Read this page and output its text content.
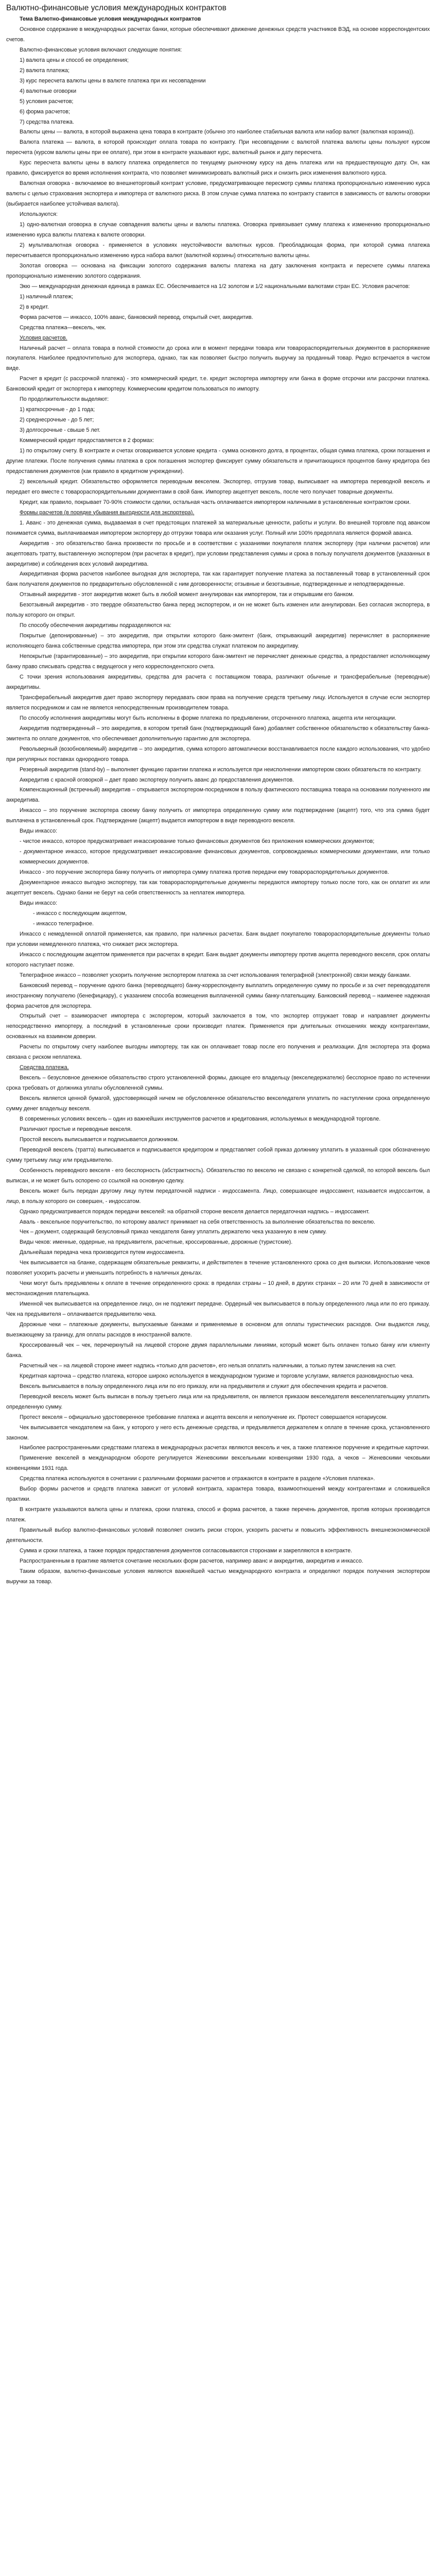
Валютно-финансовые условия международных контрактов

Тема Валютно-финансовые условия международных контрактов

Основное содержание в международных расчетах банки, которые обеспечивают движение денежных средств участников ВЭД, на основе корреспондентских счетов.

Валютно-финансовые условия включают следующие понятия:

1) валюта цены и способ ее определения;

2) валюта платежа;

3) курс пересчета валюты цены в валюте платежа при их несовпадении

4) валютные оговорки

5) условия расчетов;

6) форма расчетов;

7) средства платежа.

Валюты цены — валюта, в которой выражена цена товара в контракте (обычно это наиболее стабильная валюта или набор валют (валютная корзина)).

Валюта платежа — валюта, в которой происходит оплата товара по контракту. При несовпадении с валютой платежа валюты цены пользуют курсом пересчета (курсом валюты цены при ее оплате), при этом в контракте указывают курс, валютный рынок и дату пересчета.

Курс пересчета валюты цены в валюту платежа определяется по текущему рыночному курсу на день платежа или на предшествующую дату. Он, как правило, фиксируется во время исполнения контракта, что позволяет минимизировать валютный риск и снизить риск изменения валютного курса.

Валютная оговорка - включаемое во внешнеторговый контракт условие, предусматривающее пересмотр суммы платежа пропорционально изменению курса валюты с целью страхования экспортера и импортера от валютного риска. В этом случае сумма платежа по контракту ставится в зависимость от валюты оговорки (выбирается наиболее устойчивая валюта).

Используются:

1) одно-валютная оговорка в случае совпадения валюты цены и валюты платежа. Оговорка привязывает сумму платежа к изменению пропорционально изменению курса валюты платежа к валюте оговорки.

2) мультивалютная оговорка - применяется в условиях неустойчивости валютных курсов. Преобладающая форма, при которой сумма платежа пересчитывается пропорционально изменению курса набора валют (валютной корзины) относительно валюты цены.

Золотая оговорка — основана на фиксации золотого содержания валюты платежа на дату заключения контракта и пересчете суммы платежа пропорционально изменению золотого содержания.

Экю — международная денежная единица в рамках ЕС. Обеспечивается на 1/2 золотом и 1/2 национальными валютами стран ЕС. Условия расчетов:

1) наличный платеж;

2) в кредит.

Форма расчетов — инкассо, 100% аванс, банковский перевод, открытый счет, аккредитив.

Средства платежа—вексель, чек.

Условия расчетов.

Наличный расчет – оплата товара в полной стоимости до срока или в момент передачи товара или товарораспорядительных документов в распоряжение покупателя. Наиболее предпочтительно для экспортера, однако, так как позволяет быстро получить выручку за проданный товар. Редко встречается в чистом виде.

Расчет в кредит (с рассрочкой платежа) - это коммерческий кредит, т.е. кредит экспортера импортеру или банка в форме отсрочки или рассрочки платежа. Банковский кредит от экспортера к импортеру. Коммерческим кредитом пользоваться по импорту.

По продолжительности выделяют:

1) краткосрочные - до 1 года;

2) среднесрочные - до 5 лет;

3) долгосрочные - свыше 5 лет.

Коммерческий кредит предоставляется в 2 формах:

1) по открытому счету. В контракте и счетах оговаривается условие кредита - сумма основного долга, в процентах, общая сумма платежа, сроки погашения и другие платежи. После получения суммы платежа в срок погашения экспортер фиксирует сумму обязательств и причитающихся процентов банку кредитора без предоставления документов (как правило в кредитном учреждении).

2) вексельный кредит. Обязательство оформляется переводным векселем. Экспортер, отгрузив товар, выписывает на импортера переводной вексель и передает его вместе с товарораспорядительными документами в свой банк. Импортер акцептует вексель, после чего получает товарные документы.

Кредит, как правило, покрывает 70-90% стоимости сделки, остальная часть оплачивается импортером наличными в установленные контрактом сроки.

Формы расчетов (в порядке убывания выгодности для экспортера).

1. Аванс - это денежная сумма, выдаваемая в счет предстоящих платежей за материальные ценности, работы и услуги. Во внешней торговле под авансом понимается сумма, выплачиваемая импортером экспортеру до отгрузки товара или оказания услуг. Полный или 100% предоплата является формой аванса.

Аккредитив - это обязательство банка произвести по просьбе и в соответствии с указаниями покупателя платеж экспортеру (при наличии расчетов) или акцептовать тратту, выставленную экспортером (при расчетах в кредит), при условии представления суммы и срока в пользу получателя документов (указанных в аккредитиве) и соблюдения всех условий аккредитива.

Аккредитивная форма расчетов наиболее выгодная для экспортера, так как гарантирует получение платежа за поставленный товар в установленный срок банк получателя документов по предварительно обусловленной с ним договоренности; отзывные и безотзывные, подтвержденные и неподтвержденные.

Отзывный аккредитив - этот аккредитив может быть в любой момент аннулирован как импортером, так и открывшим его банком.

Безотзывный аккредитив - это твердое обязательство банка перед экспортером, и он не может быть изменен или аннулирован. Без согласия экспортера, в пользу которого он открыт.

По способу обеспечения аккредитивы подразделяются на:

Покрытые (депонированные) – это аккредитив, при открытии которого банк-эмитент (банк, открывающий аккредитив) перечисляет в распоряжение исполняющего банка собственные средства импортера, при этом эти средства служат платежом по аккредитиву.

Непокрытые (гарантированные) – это аккредитив, при открытии которого банк-эмитент не перечисляет денежные средства, а предоставляет исполняющему банку право списывать средства с ведущегося у него корреспондентского счета.

С точки зрения использования аккредитивы, средства для расчета с поставщиком товара, различают обычные и трансферабельные (переводные) аккредитивы.

Трансферабельный аккредитив дает право экспортеру передавать свои права на получение средств третьему лицу. Используется в случае если экспортер является посредником и сам не является непосредственным производителем товара.

По способу исполнения аккредитивы могут быть исполнены в форме платежа по предъявлении, отсроченного платежа, акцепта или негоциации.

Аккредитив подтвержденный – это аккредитив, в котором третий банк (подтверждающий банк) добавляет собственное обязательство к обязательству банка-эмитента по оплате документов, что обеспечивает дополнительную гарантию для экспортера.

Револьверный (возобновляемый) аккредитив – это аккредитив, сумма которого автоматически восстанавливается после каждого использования, что удобно при регулярных поставках однородного товара.

Резервный аккредитив (stand-by) – выполняет функцию гарантии платежа и используется при неисполнении импортером своих обязательств по контракту.

Аккредитив с красной оговоркой – дает право экспортеру получить аванс до предоставления документов.

Компенсационный (встречный) аккредитив – открывается экспортером-посредником в пользу фактического поставщика товара на основании полученного им аккредитива.

Инкассо – это поручение экспортера своему банку получить от импортера определенную сумму или подтверждение (акцепт) того, что эта сумма будет выплачена в установленный срок. Подтверждение (акцепт) выдается импортером в виде переводного векселя.

Виды инкассо:

- чистое инкассо, которое предусматривает инкассирование только финансовых документов без приложения коммерческих документов;

- документарное инкассо, которое предусматривает инкассирование финансовых документов, сопровождаемых коммерческими документами, или только коммерческих документов.

Инкассо - это поручение экспортера банку получить от импортера сумму платежа против передачи ему товарораспорядительных документов.

Документарное инкассо выгодно экспортеру, так как товарораспорядительные документы передаются импортеру только после того, как он оплатит их или акцептует вексель. Однако банки не берут на себя ответственность за неплатеж импортера.

Виды инкассо:

- инкассо с последующим акцептом,

- инкассо телеграфное.

Инкассо с немедленной оплатой применяется, как правило, при наличных расчетах. Банк выдает покупателю товарораспорядительные документы только при условии немедленного платежа, что снижает риск экспортера.

Инкассо с последующим акцептом применяется при расчетах в кредит. Банк выдает документы импортеру против акцепта переводного векселя, срок оплаты которого наступает позже.

Телеграфное инкассо – позволяет ускорить получение экспортером платежа за счет использования телеграфной (электронной) связи между банками.

Банковский перевод – поручение одного банка (переводящего) банку-корреспонденту выплатить определенную сумму по просьбе и за счет перевододателя иностранному получателю (бенефициару), с указанием способа возмещения выплаченной суммы банку-плательщику. Банковский перевод – наименее надежная форма расчетов для экспортера.

Открытый счет – взаиморасчет импортера с экспортером, который заключается в том, что экспортер отгружает товар и направляет документы непосредственно импортеру, а последний в установленные сроки производит платеж. Применяется при длительных отношениях между контрагентами, основанных на взаимном доверии.

Расчеты по открытому счету наиболее выгодны импортеру, так как он оплачивает товар после его получения и реализации. Для экспортера эта форма связана с риском неплатежа.

Средства платежа.

Вексель – безусловное денежное обязательство строго установленной формы, дающее его владельцу (векселедержателю) бесспорное право по истечении срока требовать от должника уплаты обусловленной суммы.

Вексель является ценной бумагой, удостоверяющей ничем не обусловленное обязательство векселедателя уплатить по наступлении срока определенную сумму денег владельцу векселя.

В современных условиях вексель – один из важнейших инструментов расчетов и кредитования, используемых в международной торговле.

Различают простые и переводные векселя.

Простой вексель выписывается и подписывается должником.

Переводной вексель (тратта) выписывается и подписывается кредитором и представляет собой приказ должнику уплатить в указанный срок обозначенную сумму третьему лицу или предъявителю.

Особенность переводного векселя - его бесспорность (абстрактность). Обязательство по векселю не связано с конкретной сделкой, по которой вексель был выписан, и не может быть оспорено со ссылкой на основную сделку.

Вексель может быть передан другому лицу путем передаточной надписи - индоссамента. Лицо, совершающее индоссамент, называется индоссантом, а лицо, в пользу которого он совершен, - индоссатом.

Однако предусматривается порядок передачи векселей: на обратной стороне векселя делается передаточная надпись – индоссамент.

Аваль - вексельное поручительство, по которому авалист принимает на себя ответственность за выполнение обязательства по векселю.

Чек – документ, содержащий безусловный приказ чекодателя банку уплатить держателю чека указанную в нем сумму.

Виды чеков: именные, ордерные, на предъявителя, расчетные, кроссированные, дорожные (туристские).

Дальнейшая передача чека производится путем индоссамента.

Чек выписывается на бланке, содержащем обязательные реквизиты, и действителен в течение установленного срока со дня выписки. Использование чеков позволяет ускорить расчеты и уменьшить потребность в наличных деньгах.

Чеки могут быть предъявлены к оплате в течение определенного срока: в пределах страны – 10 дней, в других странах – 20 или 70 дней в зависимости от местонахождения плательщика.

Именной чек выписывается на определенное лицо, он не подлежит передаче. Ордерный чек выписывается в пользу определенного лица или по его приказу. Чек на предъявителя – оплачивается предъявителю чека.

Дорожные чеки – платежные документы, выпускаемые банками и применяемые в основном для оплаты туристических расходов. Они выдаются лицу, выезжающему за границу, для оплаты расходов в иностранной валюте.

Кроссированный чек – чек, перечеркнутый на лицевой стороне двумя параллельными линиями, который может быть оплачен только банку или клиенту банка.

Расчетный чек – на лицевой стороне имеет надпись «только для расчетов», его нельзя оплатить наличными, а только путем зачисления на счет.

Кредитная карточка – средство платежа, которое широко используется в международном туризме и торговле услугами, является разновидностью чека.

Вексель выписывается в пользу определенного лица или по его приказу, или на предъявителя и служит для обеспечения кредита и расчетов.

Переводной вексель может быть выписан в пользу третьего лица или на предъявителя, он является приказом векселедателя векселеплательщику уплатить определенную сумму.

Протест векселя – официально удостоверенное требование платежа и акцепта векселя и неполучение их. Протест совершается нотариусом.

Чек выписывается чекодателем на банк, у которого у него есть денежные средства, и предъявляется держателем к оплате в течение срока, установленного законом.

Наиболее распространенными средствами платежа в международных расчетах являются вексель и чек, а также платежное поручение и кредитные карточки.

Применение векселей в международном обороте регулируется Женевскими вексельными конвенциями 1930 года, а чеков – Женевскими чековыми конвенциями 1931 года.

Средства платежа используются в сочетании с различными формами расчетов и отражаются в контракте в разделе «Условия платежа».

Выбор формы расчетов и средств платежа зависит от условий контракта, характера товара, взаимоотношений между контрагентами и сложившейся практики.

В контракте указываются валюта цены и платежа, сроки платежа, способ и форма расчетов, а также перечень документов, против которых производится платеж.

Правильный выбор валютно-финансовых условий позволяет снизить риски сторон, ускорить расчеты и повысить эффективность внешнеэкономической деятельности.

Сумма и сроки платежа, а также порядок предоставления документов согласовываются сторонами и закрепляются в контракте.

Распространенным в практике является сочетание нескольких форм расчетов, например аванс и аккредитив, аккредитив и инкассо.

Таким образом, валютно-финансовые условия являются важнейшей частью международного контракта и определяют порядок получения экспортером выручки за товар.
